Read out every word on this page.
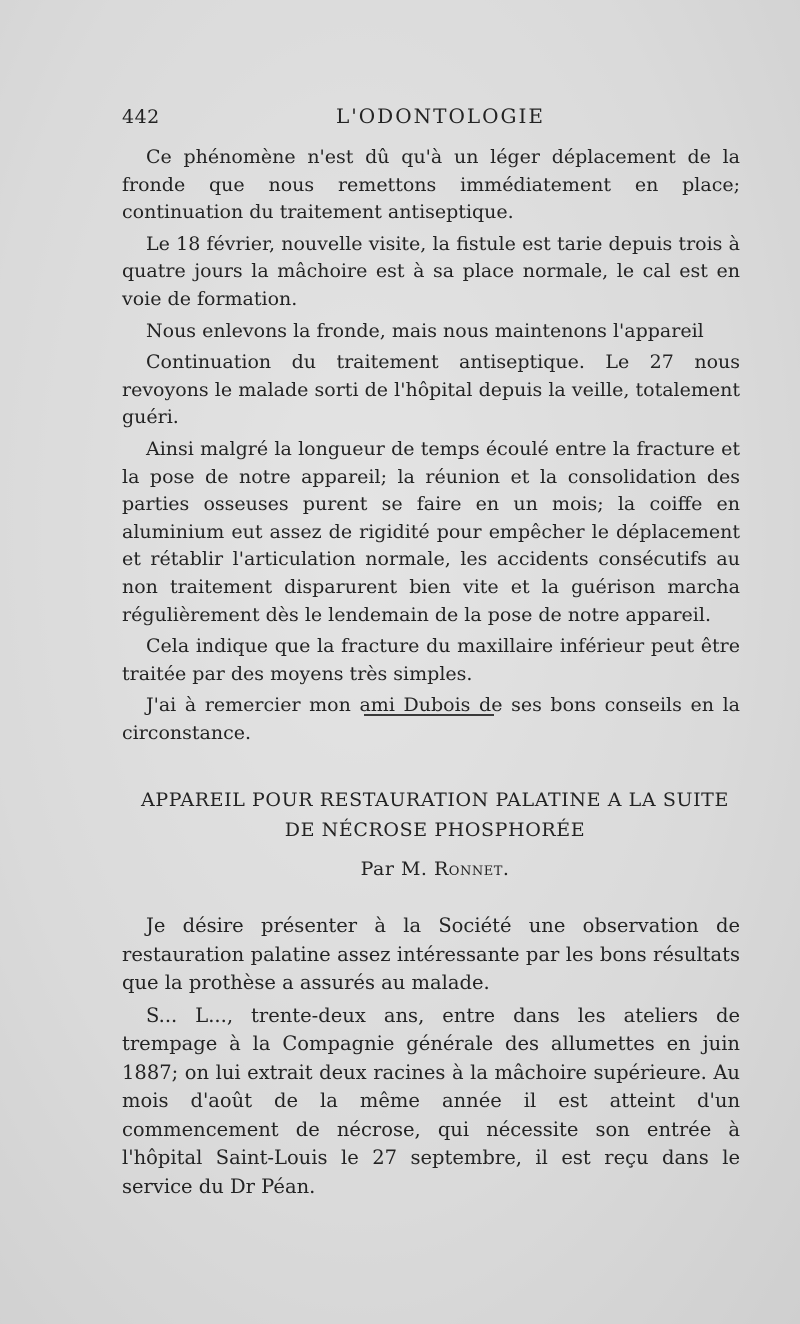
442	L'ODONTOLOGIE

Ce phénomène n'est dû qu'à un léger déplacement de la fronde que nous remettons immédiatement en place; continuation du traitement antiseptique.

Le 18 février, nouvelle visite, la fistule est tarie depuis trois à quatre jours la mâchoire est à sa place normale, le cal est en voie de formation.

Nous enlevons la fronde, mais nous maintenons l'appareil

Continuation du traitement antiseptique. Le 27 nous revoyons le malade sorti de l'hôpital depuis la veille, totalement guéri.

Ainsi malgré la longueur de temps écoulé entre la fracture et la pose de notre appareil; la réunion et la consolidation des parties osseuses purent se faire en un mois; la coiffe en aluminium eut assez de rigidité pour empêcher le déplacement et rétablir l'articulation normale, les accidents consécutifs au non traitement disparurent bien vite et la guérison marcha régulièrement dès le lendemain de la pose de notre appareil.

Cela indique que la fracture du maxillaire inférieur peut être traitée par des moyens très simples.

J'ai à remercier mon ami Dubois de ses bons conseils en la circonstance.

APPAREIL POUR RESTAURATION PALATINE A LA SUITE
DE NÉCROSE PHOSPHORÉE
Par M. Ronnet.

Je désire présenter à la Société une observation de restauration palatine assez intéressante par les bons résultats que la prothèse a assurés au malade.

S... L..., trente-deux ans, entre dans les ateliers de trempage à la Compagnie générale des allumettes en juin 1887; on lui extrait deux racines à la mâchoire supérieure. Au mois d'août de la même année il est atteint d'un commencement de nécrose, qui nécessite son entrée à l'hôpital Saint-Louis le 27 septembre, il est reçu dans le service du Dr Péan.
